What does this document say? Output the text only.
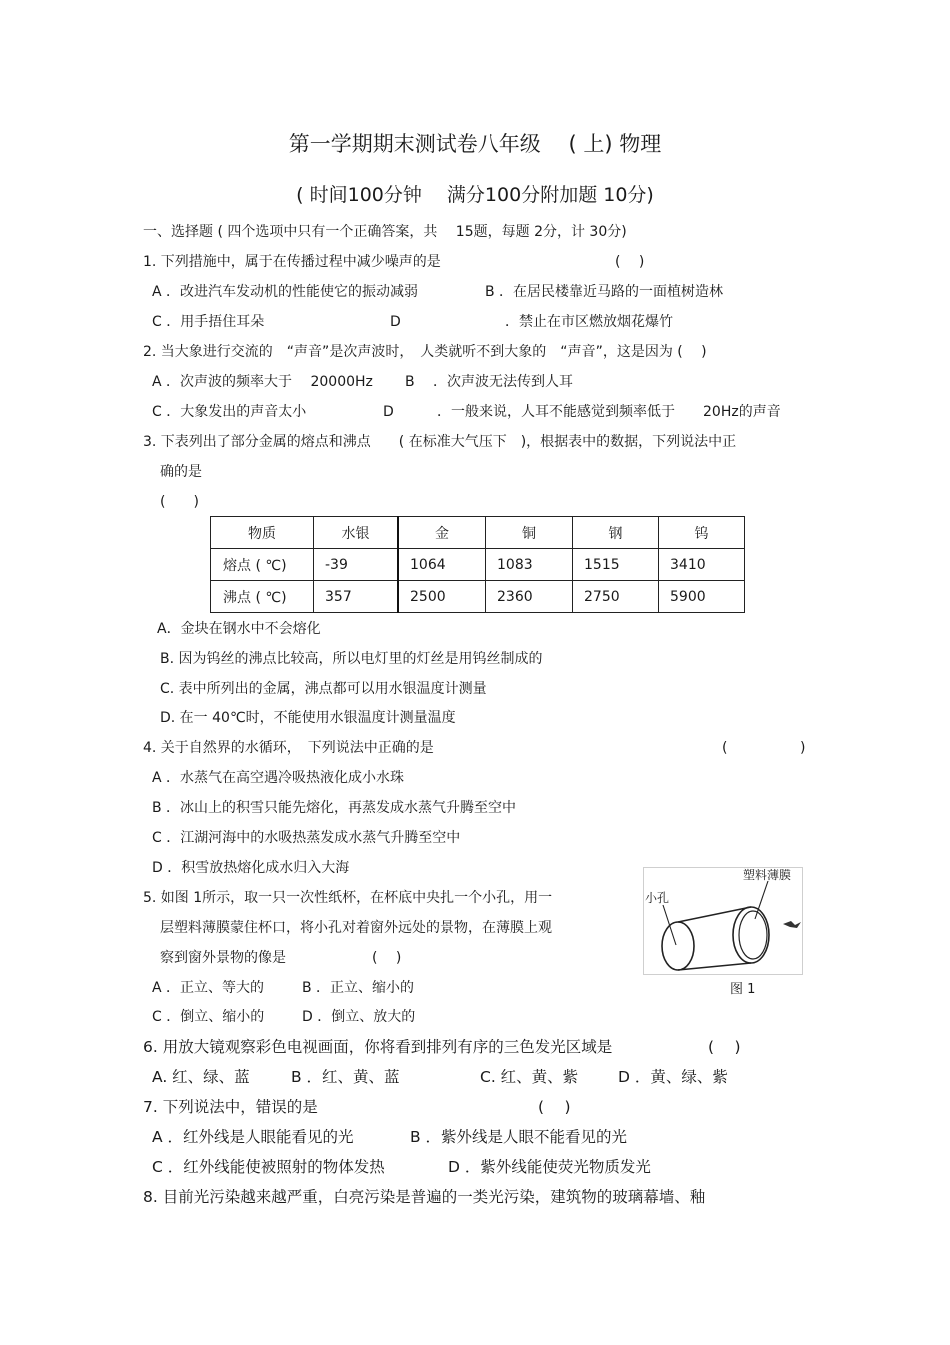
第一学期期末测试卷八年级　 ( 上) 物理
( 时间100分钟　 满分100分附加题 10分)
一、选择题 ( 四个选项中只有一个正确答案，共　 15题，每题 2分，计 30分)
1. 下列措施中，属于在传播过程中减少噪声的是	(　 )
A ．改进汽车发动机的性能使它的振动减弱	B ．在居民楼靠近马路的一面植树造林
C ．用手捂住耳朵	D	．禁止在市区燃放烟花爆竹
2. 当大象进行交流的　“声音”是次声波时，　人类就听不到大象的　“声音”，这是因为 (　 )
A ．次声波的频率大于　 20000Hz B　 ．次声波无法传到人耳
C ．大象发出的声音太小	D	．一般来说，人耳不能感觉到频率低于　　20Hz的声音
3. 下表列出了部分金属的熔点和沸点　　( 在标准大气压下　)，根据表中的数据，下列说法中正
确的是
(　　)
物质	水银	金	铜	钢	钨
熔点 ( ℃)	-39	1064	1083	1515	3410
沸点 ( ℃)	357	2500	2360	2750	5900
A．金块在钢水中不会熔化
B. 因为钨丝的沸点比较高，所以电灯里的灯丝是用钨丝制成的
C. 表中所列出的金属，沸点都可以用水银温度计测量
D. 在一 40℃时，不能使用水银温度计测量温度
4. 关于自然界的水循环，　下列说法中正确的是	(	)
A ．水蒸气在高空遇冷吸热液化成小水珠
B ．冰山上的积雪只能先熔化，再蒸发成水蒸气升腾至空中
C ．江湖河海中的水吸热蒸发成水蒸气升腾至空中
D ．积雪放热熔化成水归入大海
5. 如图 1所示，取一只一次性纸杯，在杯底中央扎一个小孔，用一
层塑料薄膜蒙住杯口，将小孔对着窗外远处的景物，在薄膜上观
察到窗外景物的像是	(　 )
A ．正立、等大的	B ．正立、缩小的
C ．倒立、缩小的	D ．倒立、放大的
小孔
塑料薄膜
图 1
6. 用放大镜观察彩色电视画面，你将看到排列有序的三色发光区域是	(　 )
A. 红、绿、蓝	B ．红、黄、蓝	C. 红、黄、紫	D ．黄、绿、紫
7. 下列说法中，错误的是	(　 )
A ．红外线是人眼能看见的光	B ．紫外线是人眼不能看见的光
C ．红外线能使被照射的物体发热	D ．紫外线能使荧光物质发光
8. 目前光污染越来越严重，白亮污染是普遍的一类光污染，建筑物的玻璃幕墙、釉
